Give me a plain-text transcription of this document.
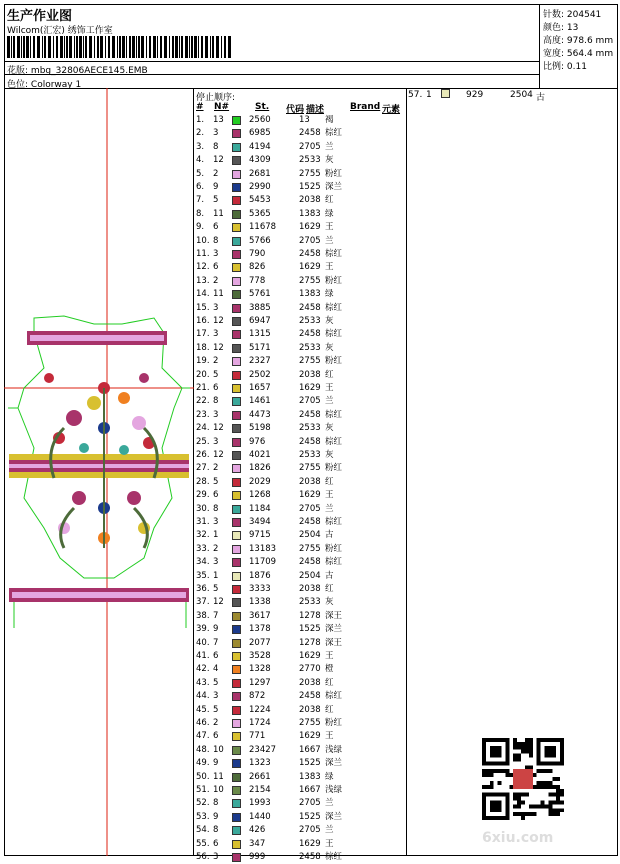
生产作业图
Wilcom(汇宏) 绣饰工作室
花版: mbg_32806AECE145.EMB
色位: Colorway 1
针数: 204541
颜色: 13
高度: 978.6 mm
宽度: 564.4 mm
比例: 0.11
停止顺序:
# N#	St. 代码 描述	Brand 元素
1. 13	2560	13 褐
2. 3	6985	2458 棕红
3. 8	4194	2705 兰
4. 12	4309	2533 灰
5. 2	2681	2755 粉红
6. 9	2990	1525 深兰
7. 5	5453	2038 红
8. 11	5365	1383 绿
9. 6	11678	1629 王
10. 8	5766	2705 兰
11. 3	790	2458 棕红
12. 6	826	1629 王
13. 2	778	2755 粉红
14. 11	5761	1383 绿
15. 3	3885	2458 棕红
16. 12	6947	2533 灰
17. 3	1315	2458 棕红
18. 12	5171	2533 灰
19. 2	2327	2755 粉红
20. 5	2502	2038 红
21. 6	1657	1629 王
22. 8	1461	2705 兰
23. 3	4473	2458 棕红
24. 12	5198	2533 灰
25. 3	976	2458 棕红
26. 12	4021	2533 灰
27. 2	1826	2755 粉红
28. 5	2029	2038 红
29. 6	1268	1629 王
30. 8	1184	2705 兰
31. 3	3494	2458 棕红
32. 1	9715	2504 古
33. 2	13183	2755 粉红
34. 3	11709	2458 棕红
35. 1	1876	2504 古
36. 5	3333	2038 红
37. 12	1338	2533 灰
38. 7	3617	1278 深王
39. 9	1378	1525 深兰
40. 7	2077	1278 深王
41. 6	3528	1629 王
42. 4	1328	2770 橙
43. 5	1297	2038 红
44. 3	872	2458 棕红
45. 5	1224	2038 红
46. 2	1724	2755 粉红
47. 6	771	1629 王
48. 10	23427	1667 浅绿
49. 9	1323	1525 深兰
50. 11	2661	1383 绿
51. 10	2154	1667 浅绿
52. 8	1993	2705 兰
53. 9	1440	1525 深兰
54. 8	426	2705 兰
55. 6	347	1629 王
56. 3	999	2458 棕红
57. 1	929	2504 古
6xiu.com
